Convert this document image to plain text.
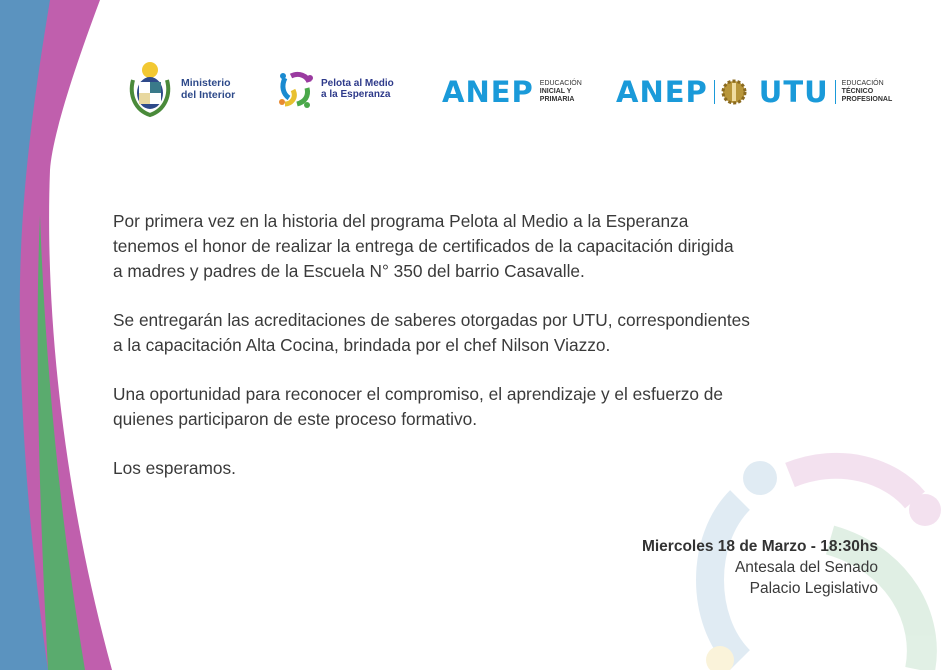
Ministerio
del Interior
Pelota al Medio
a la Esperanza ANEP EDUCACIÓN
INICIAL Y
PRIMARIA ANEP UTU EDUCACIÓN
TÉCNICO
PROFESIONAL

Por primera vez en la historia del programa Pelota al Medio a la Esperanza
tenemos el honor de realizar la entrega de certificados de la capacitación dirigida
a madres y padres de la Escuela N° 350 del barrio Casavalle.

Se entregarán las acreditaciones de saberes otorgadas por UTU, correspondientes
a la capacitación Alta Cocina, brindada por el chef Nilson Viazzo.

Una oportunidad para reconocer el compromiso, el aprendizaje y el esfuerzo de
quienes participaron de este proceso formativo.

Los esperamos.

Miercoles 18 de Marzo - 18:30hs
Antesala del Senado
Palacio Legislativo
